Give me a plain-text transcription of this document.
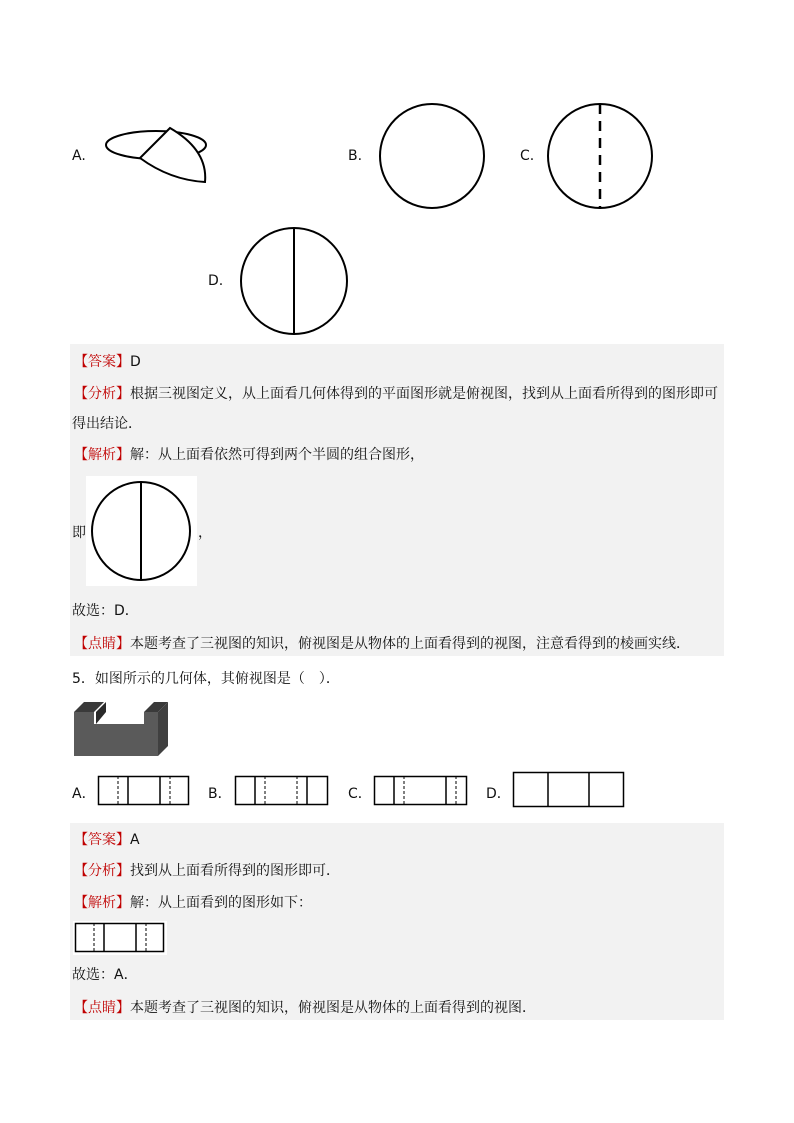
A.	B.	C.
D.
【答案】D
【分析】根据三视图定义，从上面看几何体得到的平面图形就是俯视图，找到从上面看所得到的图形即可
得出结论．
【解析】解：从上面看依然可得到两个半圆的组合图形，
即	，
故选：D．
【点睛】本题考查了三视图的知识，俯视图是从物体的上面看得到的视图，注意看得到的棱画实线．
5．如图所示的几何体，其俯视图是（　）．
A．	B．	C．	D．
【答案】A
【分析】找到从上面看所得到的图形即可．
【解析】解：从上面看到的图形如下：
故选：A．
【点睛】本题考查了三视图的知识，俯视图是从物体的上面看得到的视图．
